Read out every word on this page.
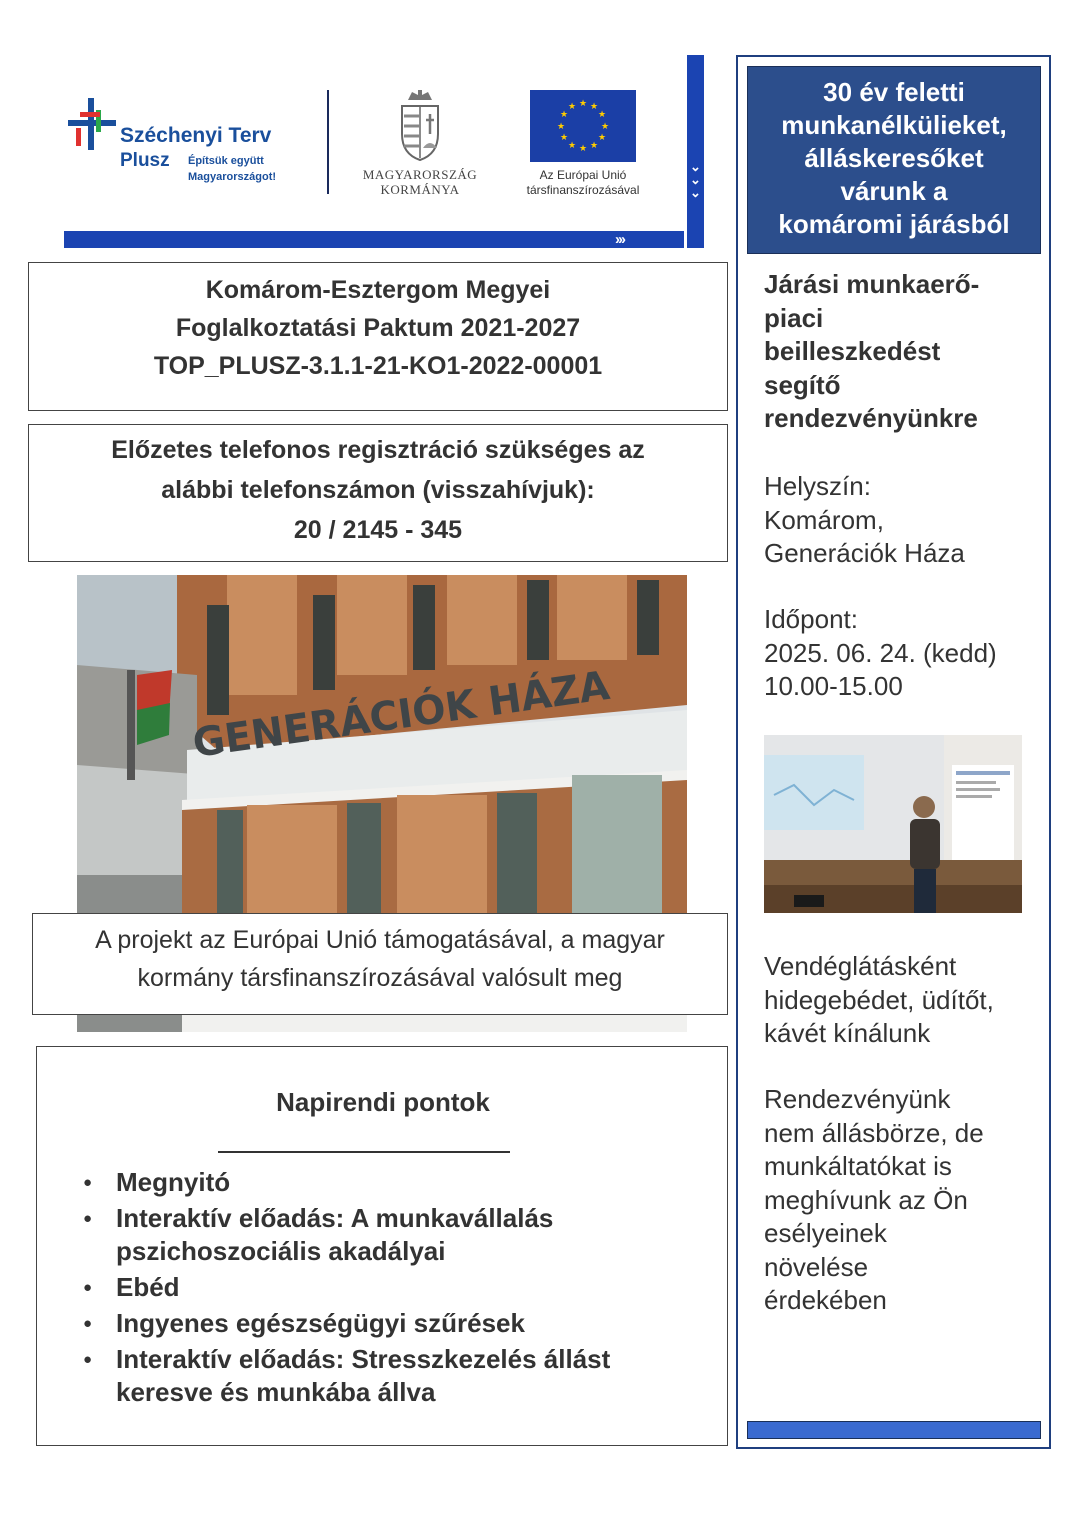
Széchenyi Terv
Plusz Építsük együtt
Magyarországot!	MAGYARORSZÁG
KORMÁNYA
★ ★
★
★
★
★
★
★
★
★
★
★
Az Európai Unió
társfinanszírozásával
›››
⌄
⌄
⌄
Komárom-Esztergom Megyei
Foglalkoztatási Paktum 2021-2027
TOP_PLUSZ-3.1.1-21-KO1-2022-00001
Előzetes telefonos regisztráció szükséges az
alábbi telefonszámon (visszahívjuk):
20 / 2145 - 345
GENERÁCIÓK HÁZA
A projekt az Európai Unió támogatásával, a magyar
kormány társfinanszírozásával valósult meg
Napirendi pontok
● Megnyitó
● Interaktív előadás: A munkavállalás
pszichoszociális akadályai
● Ebéd
● Ingyenes egészségügyi szűrések
● Interaktív előadás: Stresszkezelés állást
keresve és munkába állva
30 év feletti
munkanélkülieket,
álláskeresőket
várunk a
komáromi járásból
Járási munkaerő-
piaci
beilleszkedést
segítő
rendezvényünkre
Helyszín:
Komárom,
Generációk Háza
Időpont:
2025. 06. 24. (kedd)
10.00-15.00
Vendéglátásként
hidegebédet, üdítőt,
kávét kínálunk
Rendezvényünk
nem állásbörze, de
munkáltatókat is
meghívunk az Ön
esélyeinek
növelése
érdekében
